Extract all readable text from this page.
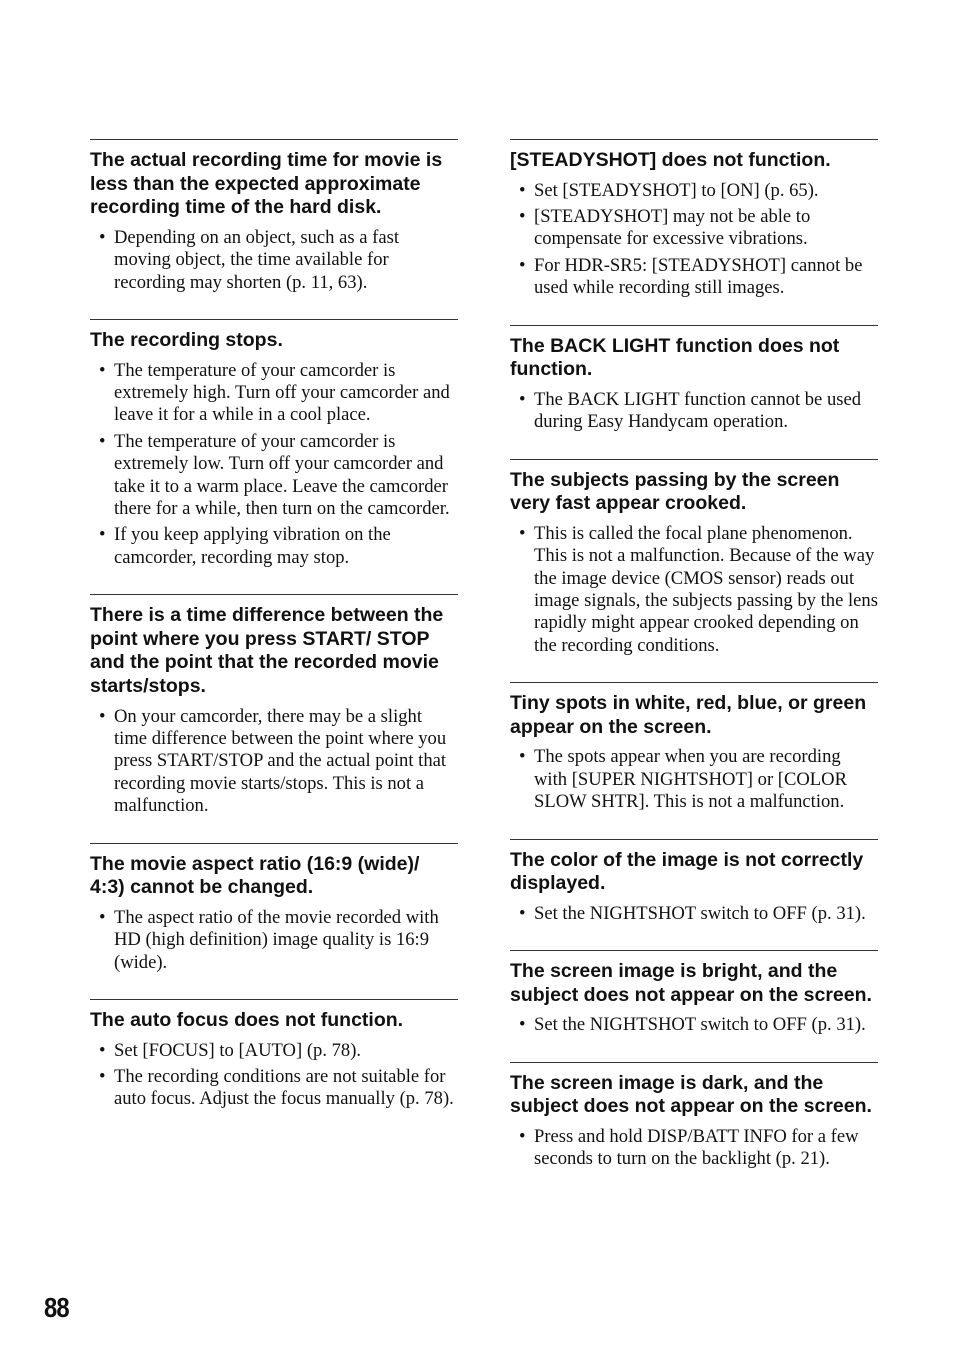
The actual recording time for movie is less than the expected approximate recording time of the hard disk.
• Depending on an object, such as a fast moving object, the time available for recording may shorten (p. 11, 63).
The recording stops.
• The temperature of your camcorder is extremely high. Turn off your camcorder and leave it for a while in a cool place.
• The temperature of your camcorder is extremely low. Turn off your camcorder and take it to a warm place. Leave the camcorder there for a while, then turn on the camcorder.
• If you keep applying vibration on the camcorder, recording may stop.
There is a time difference between the point where you press START/ STOP and the point that the recorded movie starts/stops.
• On your camcorder, there may be a slight time difference between the point where you press START/STOP and the actual point that recording movie starts/stops. This is not a malfunction.
The movie aspect ratio (16:9 (wide)/ 4:3) cannot be changed.
• The aspect ratio of the movie recorded with HD (high definition) image quality is 16:9 (wide).
The auto focus does not function.
• Set [FOCUS] to [AUTO] (p. 78).
• The recording conditions are not suitable for auto focus. Adjust the focus manually (p. 78).
[STEADYSHOT] does not function.
• Set [STEADYSHOT] to [ON] (p. 65).
• [STEADYSHOT] may not be able to compensate for excessive vibrations.
• For HDR-SR5: [STEADYSHOT] cannot be used while recording still images.
The BACK LIGHT function does not function.
• The BACK LIGHT function cannot be used during Easy Handycam operation.
The subjects passing by the screen very fast appear crooked.
• This is called the focal plane phenomenon. This is not a malfunction. Because of the way the image device (CMOS sensor) reads out image signals, the subjects passing by the lens rapidly might appear crooked depending on the recording conditions.
Tiny spots in white, red, blue, or green appear on the screen.
• The spots appear when you are recording with [SUPER NIGHTSHOT] or [COLOR SLOW SHTR]. This is not a malfunction.
The color of the image is not correctly displayed.
• Set the NIGHTSHOT switch to OFF (p. 31).
The screen image is bright, and the subject does not appear on the screen.
• Set the NIGHTSHOT switch to OFF (p. 31).
The screen image is dark, and the subject does not appear on the screen.
• Press and hold DISP/BATT INFO for a few seconds to turn on the backlight (p. 21).
88
